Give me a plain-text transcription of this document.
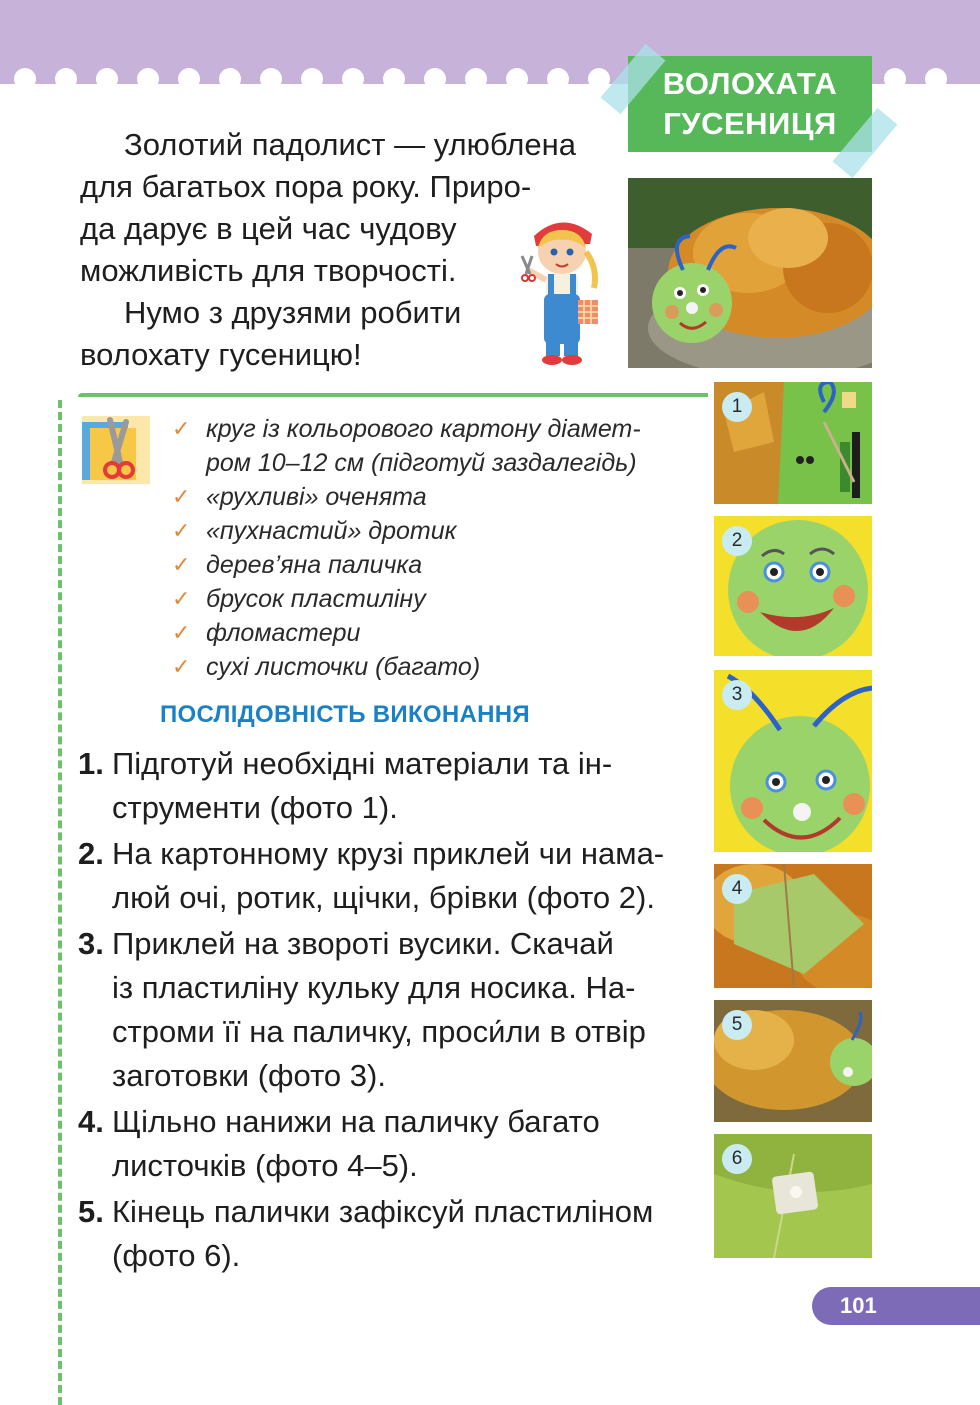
ВОЛОХАТА
ГУСЕНИЦЯ

Золотий падолист — улюблена

для багатьох пора року. Приро-

да дарує в цей час чудову

можливість для творчості.

Нумо з друзями робити

волохату гусеницю!

✓ круг із кольорового картону діамет-
ром 10–12 см (підготуй заздалегідь)
✓ «рухливі» оченята
✓ «пухнастий» дротик
✓ дерев’яна паличка
✓ брусок пластиліну
✓ фломастери
✓ сухі листочки (багато)
ПОСЛІДОВНІСТЬ ВИКОНАННЯ
1. Підготуй необхідні матеріали та ін-
струменти (фото 1).
2. На картонному крузі приклей чи нама-
люй очі, ротик, щічки, брівки (фото 2).
3. Приклей на звороті вусики. Скачай
із пластиліну кульку для носика. На-
строми її на паличку, проси́ли в отвір
заготовки (фото 3).
4. Щільно нанижи на паличку багато
листочків (фото 4–5).
5. Кінець палички зафіксуй пластиліном
(фото 6).
1
2
3
4
5
6
101
